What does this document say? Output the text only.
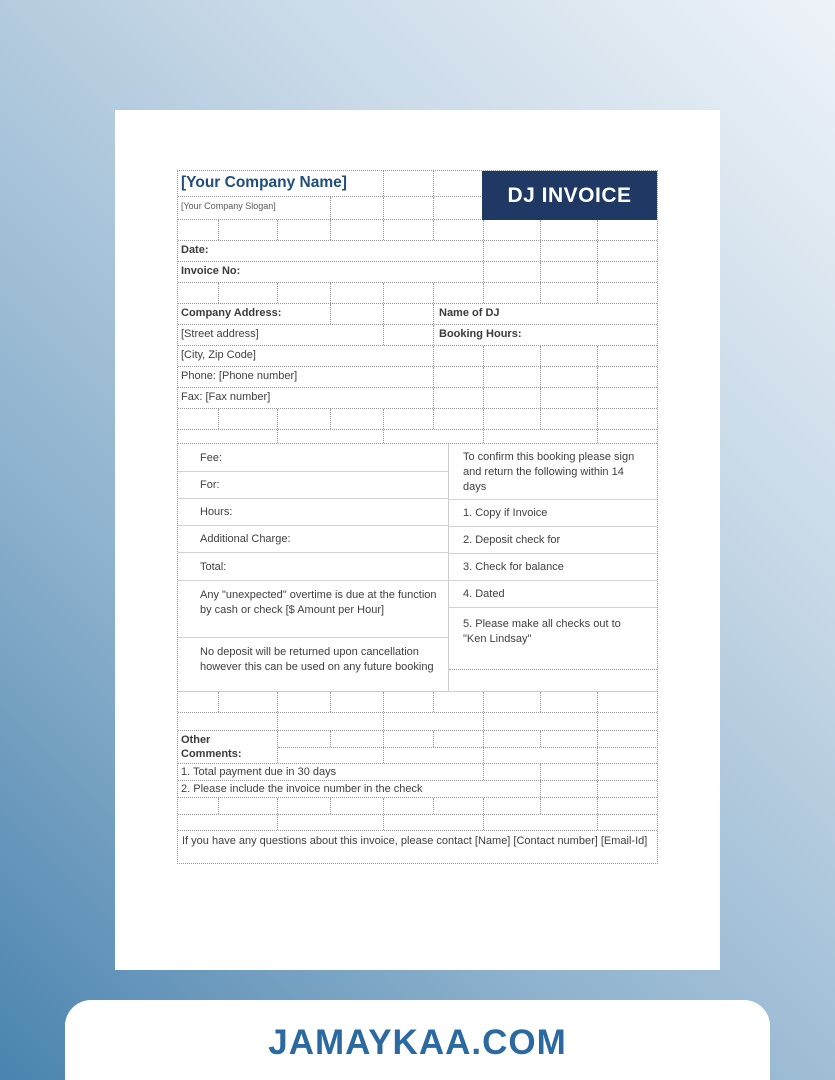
DJ INVOICE
[Your Company Name]
[Your Company Slogan]
Date:
Invoice No:
Company Address:	Name of DJ
[Street address]	Booking Hours:
[City, Zip Code]
Phone: [Phone number]
Fax: [Fax number]
Fee:
For:
Hours:
Additional Charge:
Total:
Any "unexpected" overtime is due at the function by cash or check [$ Amount per Hour]
No deposit will be returned upon cancellation however this can be used on any future booking
To confirm this booking please sign and return the following within 14 days
1. Copy if Invoice
2. Deposit check for
3. Check for balance
4. Dated
5. Please make all checks out to "Ken Lindsay"
Other Comments:
1. Total payment due in 30 days
2. Please include the invoice number in the check
If you have any questions about this invoice, please contact [Name] [Contact number] [Email-Id]
JAMAYKAA.COM
